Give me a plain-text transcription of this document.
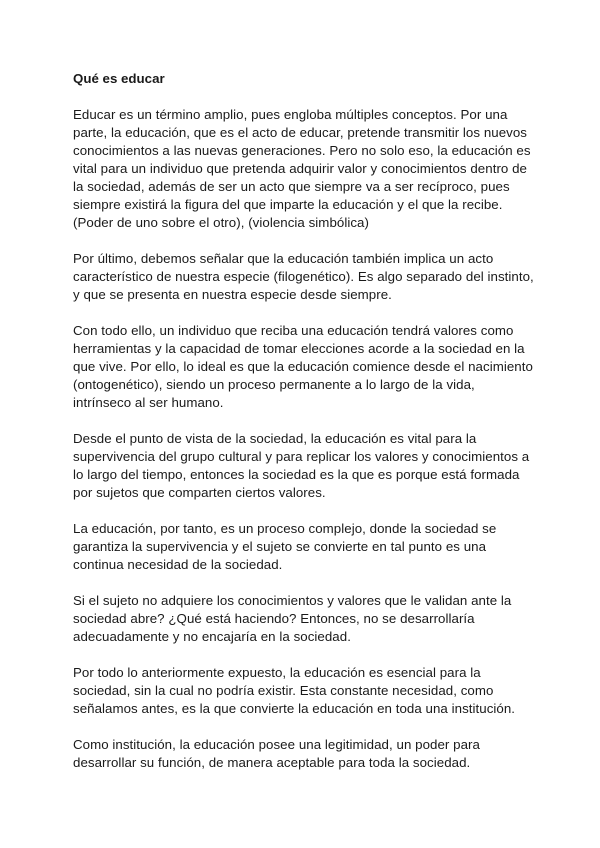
Qué es educar

Educar es un término amplio, pues engloba múltiples conceptos. Por una parte, la educación, que es el acto de educar, pretende transmitir los nuevos conocimientos a las nuevas generaciones. Pero no solo eso, la educación es vital para un individuo que pretenda adquirir valor y conocimientos dentro de la sociedad, además de ser un acto que siempre va a ser recíproco, pues siempre existirá la figura del que imparte la educación y el que la recibe. (Poder de uno sobre el otro), (violencia simbólica)

Por último, debemos señalar que la educación también implica un acto característico de nuestra especie (filogenético). Es algo separado del instinto, y que se presenta en nuestra especie desde siempre.

Con todo ello, un individuo que reciba una educación tendrá valores como herramientas y la capacidad de tomar elecciones acorde a la sociedad en la que vive. Por ello, lo ideal es que la educación comience desde el nacimiento (ontogenético), siendo un proceso permanente a lo largo de la vida, intrínseco al ser humano.

Desde el punto de vista de la sociedad, la educación es vital para la supervivencia del grupo cultural y para replicar los valores y conocimientos a lo largo del tiempo, entonces la sociedad es la que es porque está formada por sujetos que comparten ciertos valores.

La educación, por tanto, es un proceso complejo, donde la sociedad se garantiza la supervivencia y el sujeto se convierte en tal punto es una continua necesidad de la sociedad.

Si el sujeto no adquiere los conocimientos y valores que le validan ante la sociedad abre? ¿Qué está haciendo? Entonces, no se desarrollaría adecuadamente y no encajaría en la sociedad.

Por todo lo anteriormente expuesto, la educación es esencial para la sociedad, sin la cual no podría existir. Esta constante necesidad, como señalamos antes, es la que convierte la educación en toda una institución.

Como institución, la educación posee una legitimidad, un poder para desarrollar su función, de manera aceptable para toda la sociedad.
